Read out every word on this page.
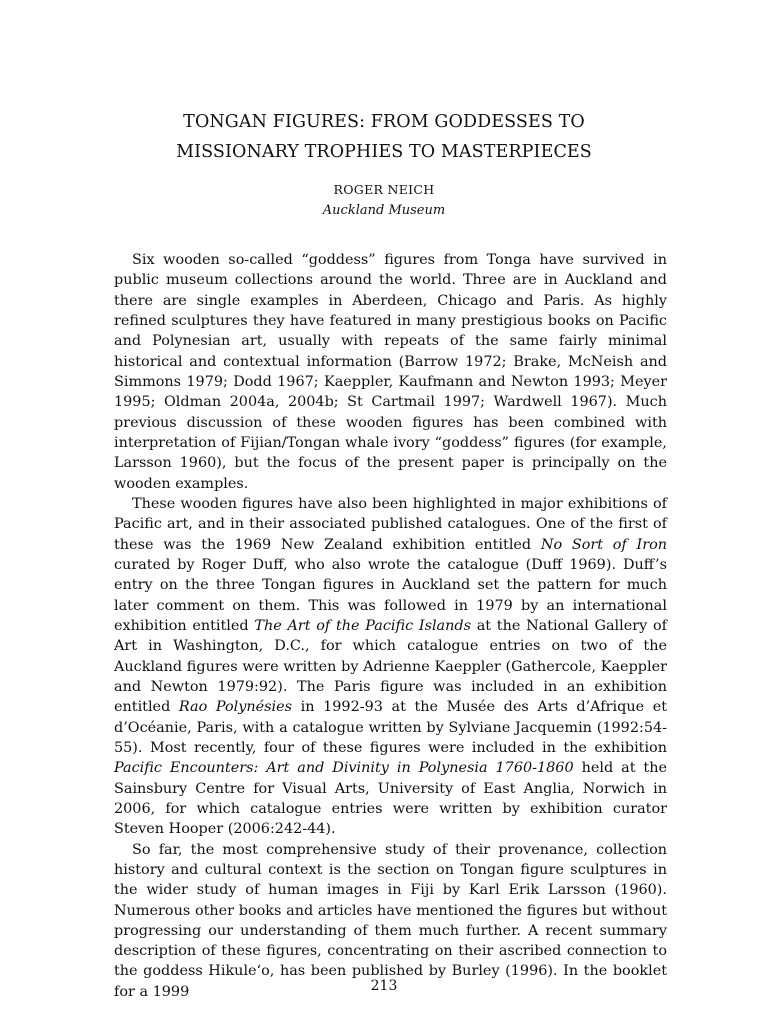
TONGAN FIGURES: FROM GODDESSES TO
MISSIONARY TROPHIES TO MASTERPIECES
ROGER NEICH
Auckland Museum

Six wooden so-called “goddess” figures from Tonga have survived in public museum collections around the world. Three are in Auckland and there are single examples in Aberdeen, Chicago and Paris. As highly refined sculptures they have featured in many prestigious books on Pacific and Polynesian art, usually with repeats of the same fairly minimal historical and contextual information (Barrow 1972; Brake, McNeish and Simmons 1979; Dodd 1967; Kaeppler, Kaufmann and Newton 1993; Meyer 1995; Oldman 2004a, 2004b; St Cartmail 1997; Wardwell 1967). Much previous discussion of these wooden figures has been combined with interpretation of Fijian/Tongan whale ivory “goddess” figures (for example, Larsson 1960), but the focus of the present paper is principally on the wooden examples.

These wooden figures have also been highlighted in major exhibitions of Pacific art, and in their associated published catalogues. One of the first of these was the 1969 New Zealand exhibition entitled No Sort of Iron curated by Roger Duff, who also wrote the catalogue (Duff 1969). Duff’s entry on the three Tongan figures in Auckland set the pattern for much later comment on them. This was followed in 1979 by an international exhibition entitled The Art of the Pacific Islands at the National Gallery of Art in Washington, D.C., for which catalogue entries on two of the Auckland figures were written by Adrienne Kaeppler (Gathercole, Kaeppler and Newton 1979:92). The Paris figure was included in an exhibition entitled Rao Polynésies in 1992-93 at the Musée des Arts d’Afrique et d’Océanie, Paris, with a catalogue written by Sylviane Jacquemin (1992:54-55). Most recently, four of these figures were included in the exhibition Pacific Encounters: Art and Divinity in Polynesia 1760-1860 held at the Sainsbury Centre for Visual Arts, University of East Anglia, Norwich in 2006, for which catalogue entries were written by exhibition curator Steven Hooper (2006:242-44).

So far, the most comprehensive study of their provenance, collection history and cultural context is the section on Tongan figure sculptures in the wider study of human images in Fiji by Karl Erik Larsson (1960). Numerous other books and articles have mentioned the figures but without progressing our understanding of them much further. A recent summary description of these figures, concentrating on their ascribed connection to the goddess Hikule‘o, has been published by Burley (1996). In the booklet for a 1999	213
